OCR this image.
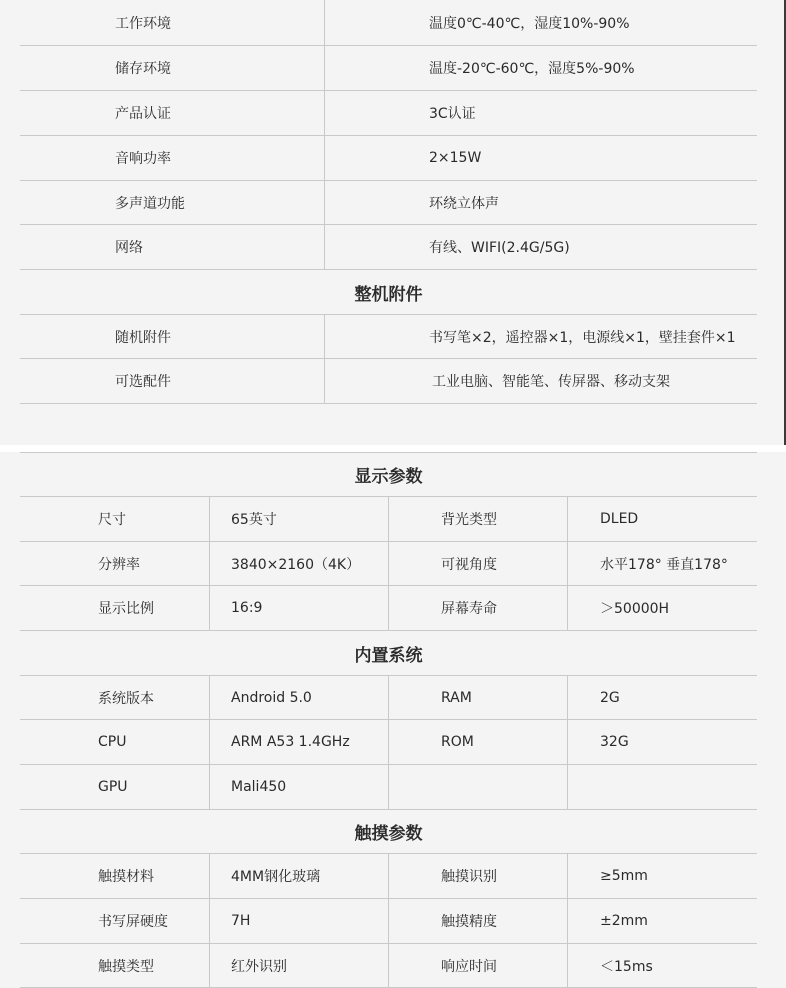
工作环境	温度0℃-40℃，湿度10%-90%
储存环境	温度-20℃-60℃，湿度5%-90%
产品认证	3C认证
音响功率	2×15W
多声道功能	环绕立体声
网络	有线、WIFI(2.4G/5G)
整机附件
随机附件	书写笔×2，遥控器×1，电源线×1，壁挂套件×1
可选配件	工业电脑、智能笔、传屏器、移动支架
显示参数
尺寸	65英寸	背光类型	DLED
分辨率	3840×2160（4K）	可视角度	水平178° 垂直178°
显示比例	16:9	屏幕寿命	＞50000H
内置系统
系统版本	Android 5.0	RAM	2G
CPU	ARM A53 1.4GHz	ROM	32G
GPU	Mali450
触摸参数
触摸材料	4MM钢化玻璃	触摸识别	≥5mm
书写屏硬度	7H	触摸精度	±2mm
触摸类型	红外识别	响应时间	＜15ms
